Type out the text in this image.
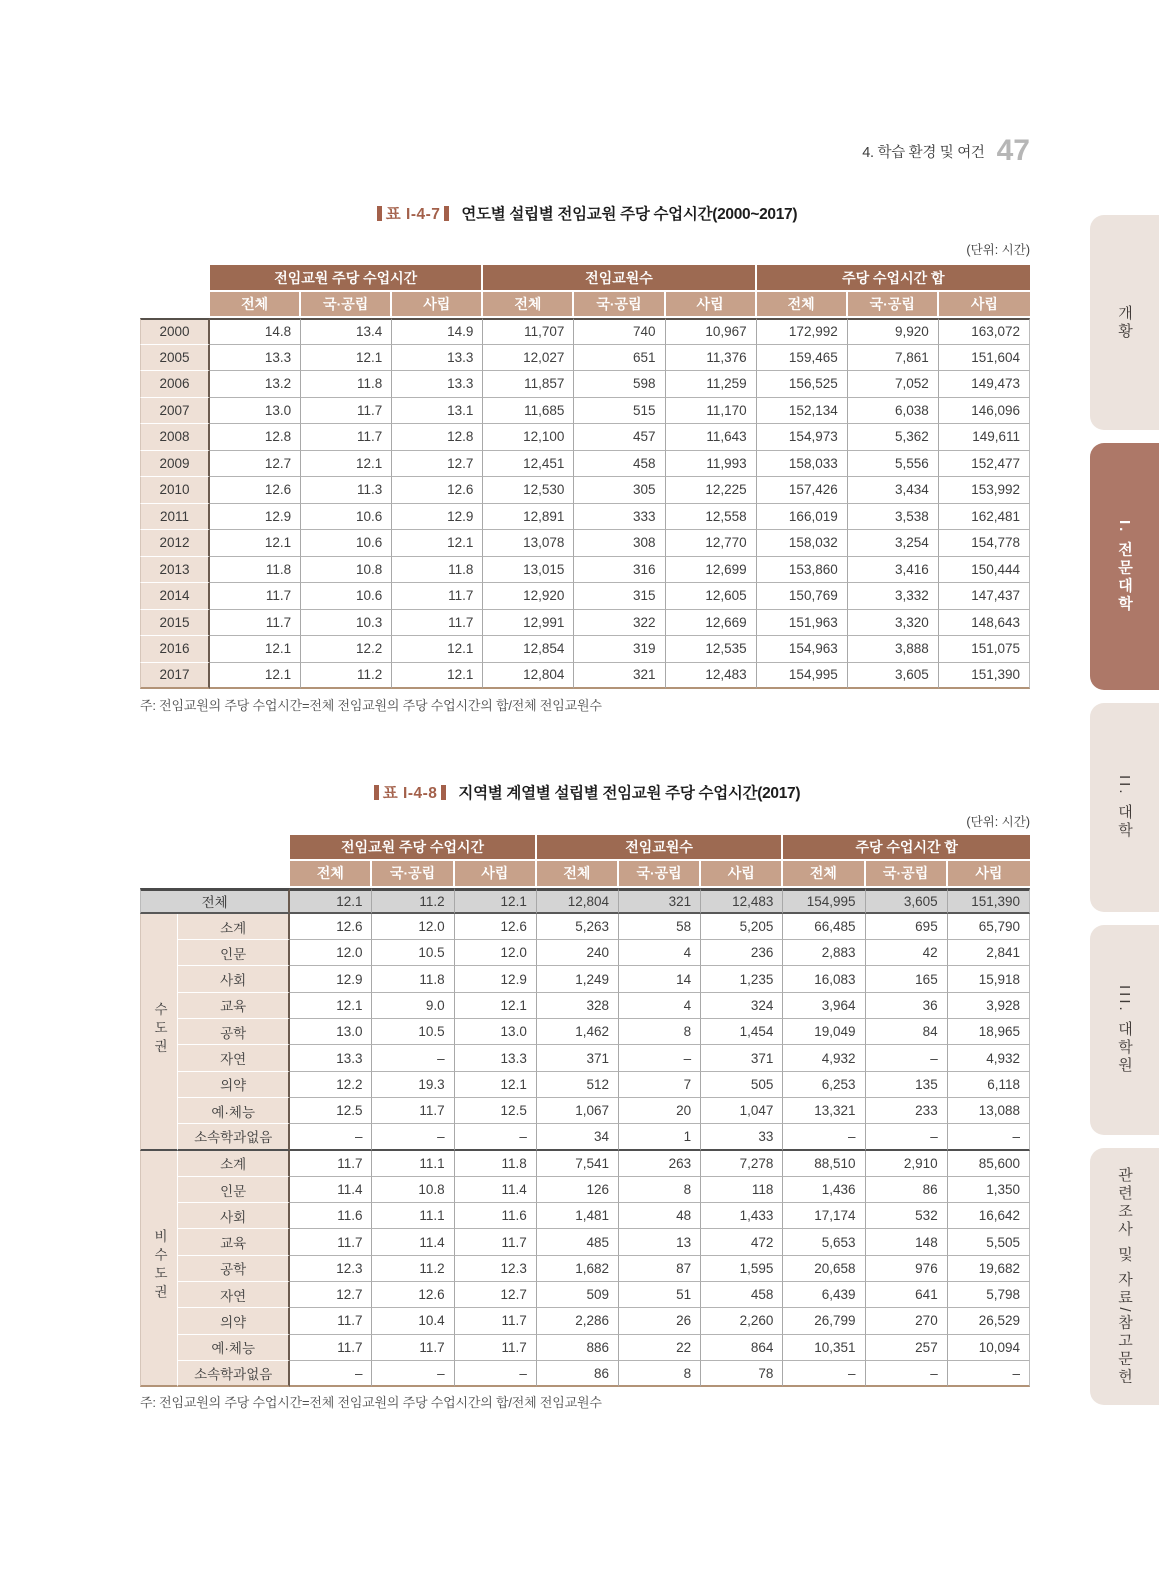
4. 학습 환경 및 여건 47
표 I-4-7 연도별 설립별 전임교원 주당 수업시간(2000~2017)
(단위: 시간)
	전임교원 주당 수업시간			전임교원수			주당 수업시간 합		
	전체	국·공립	사립	전체	국·공립	사립	전체	국·공립	사립
2000	14.8	13.4	14.9	11,707	740	10,967	172,992	9,920	163,072
2005	13.3	12.1	13.3	12,027	651	11,376	159,465	7,861	151,604
2006	13.2	11.8	13.3	11,857	598	11,259	156,525	7,052	149,473
2007	13.0	11.7	13.1	11,685	515	11,170	152,134	6,038	146,096
2008	12.8	11.7	12.8	12,100	457	11,643	154,973	5,362	149,611
2009	12.7	12.1	12.7	12,451	458	11,993	158,033	5,556	152,477
2010	12.6	11.3	12.6	12,530	305	12,225	157,426	3,434	153,992
2011	12.9	10.6	12.9	12,891	333	12,558	166,019	3,538	162,481
2012	12.1	10.6	12.1	13,078	308	12,770	158,032	3,254	154,778
2013	11.8	10.8	11.8	13,015	316	12,699	153,860	3,416	150,444
2014	11.7	10.6	11.7	12,920	315	12,605	150,769	3,332	147,437
2015	11.7	10.3	11.7	12,991	322	12,669	151,963	3,320	148,643
2016	12.1	12.2	12.1	12,854	319	12,535	154,963	3,888	151,075
2017	12.1	11.2	12.1	12,804	321	12,483	154,995	3,605	151,390
주: 전임교원의 주당 수업시간=전체 전임교원의 주당 수업시간의 합/전체 전임교원수
표 I-4-8 지역별 계열별 설립별 전임교원 주당 수업시간(2017)
(단위: 시간)
		전임교원 주당 수업시간			전임교원수			주당 수업시간 합		
		전체	국·공립	사립	전체	국·공립	사립	전체	국·공립	사립
전체		12.1	11.2	12.1	12,804	321	12,483	154,995	3,605	151,390
수도권	소계	12.6	12.0	12.6	5,263	58	5,205	66,485	695	65,790
	인문	12.0	10.5	12.0	240	4	236	2,883	42	2,841
	사회	12.9	11.8	12.9	1,249	14	1,235	16,083	165	15,918
	교육	12.1	9.0	12.1	328	4	324	3,964	36	3,928
	공학	13.0	10.5	13.0	1,462	8	1,454	19,049	84	18,965
	자연	13.3	–	13.3	371	–	371	4,932	–	4,932
	의약	12.2	19.3	12.1	512	7	505	6,253	135	6,118
	예·체능	12.5	11.7	12.5	1,067	20	1,047	13,321	233	13,088
	소속학과없음	–	–	–	34	1	33	–	–	–
비수도권	소계	11.7	11.1	11.8	7,541	263	7,278	88,510	2,910	85,600
	인문	11.4	10.8	11.4	126	8	118	1,436	86	1,350
	사회	11.6	11.1	11.6	1,481	48	1,433	17,174	532	16,642
	교육	11.7	11.4	11.7	485	13	472	5,653	148	5,505
	공학	12.3	11.2	12.3	1,682	87	1,595	20,658	976	19,682
	자연	12.7	12.6	12.7	509	51	458	6,439	641	5,798
	의약	11.7	10.4	11.7	2,286	26	2,260	26,799	270	26,529
	예·체능	11.7	11.7	11.7	886	22	864	10,351	257	10,094
	소속학과없음	–	–	–	86	8	78	–	–	–
주: 전임교원의 주당 수업시간=전체 전임교원의 주당 수업시간의 합/전체 전임교원수
개황
I. 전문대학
II. 대학
III. 대학원
관련조사 및 자료/참고문헌
